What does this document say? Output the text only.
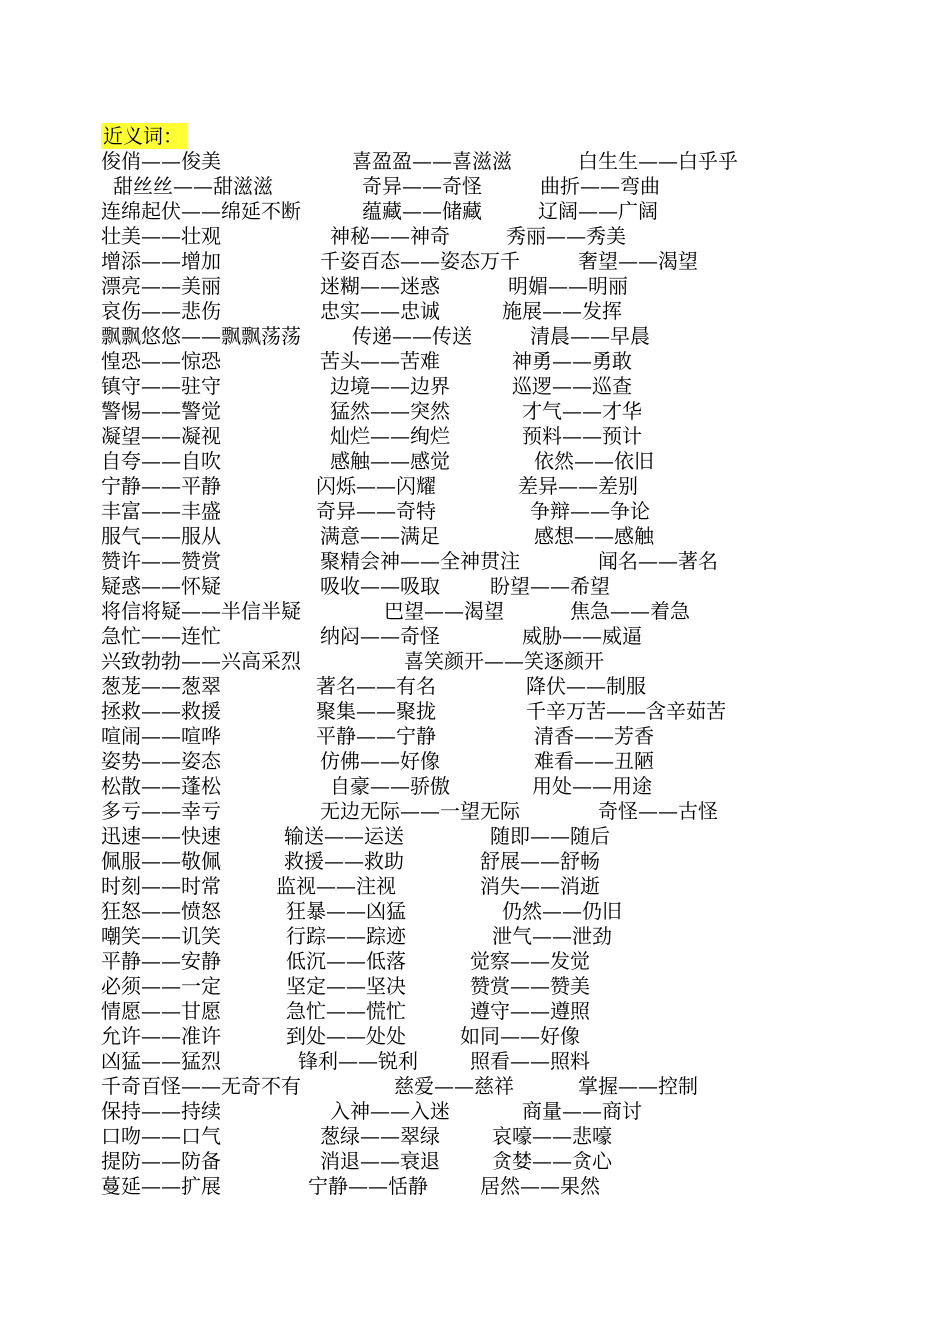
近义词：
俊俏——俊美	喜盈盈——喜滋滋	白生生——白乎乎
甜丝丝——甜滋滋	奇异——奇怪	曲折——弯曲
连绵起伏——绵延不断	蕴藏——储藏	辽阔——广阔
壮美——壮观	神秘——神奇	秀丽——秀美
增添——增加	千姿百态——姿态万千	奢望——渴望
漂亮——美丽	迷糊——迷惑	明媚——明丽
哀伤——悲伤	忠实——忠诚	施展——发挥
飘飘悠悠——飘飘荡荡	传递——传送	清晨——早晨
惶恐——惊恐	苦头——苦难	神勇——勇敢
镇守——驻守	边境——边界	巡逻——巡查
警惕——警觉	猛然——突然	才气——才华
凝望——凝视	灿烂——绚烂	预料——预计
自夸——自吹	感触——感觉	依然——依旧
宁静——平静	闪烁——闪耀	差异——差别
丰富——丰盛	奇异——奇特	争辩——争论
服气——服从	满意——满足	感想——感触
赞许——赞赏	聚精会神——全神贯注	闻名——著名
疑惑——怀疑	吸收——吸取	盼望——希望
将信将疑——半信半疑	巴望——渴望	焦急——着急
急忙——连忙	纳闷——奇怪	威胁——威逼
兴致勃勃——兴高采烈	喜笑颜开——笑逐颜开
葱茏——葱翠	著名——有名	降伏——制服
拯救——救援	聚集——聚拢	千辛万苦——含辛茹苦
喧闹——喧哗	平静——宁静	清香——芳香
姿势——姿态	仿佛——好像	难看——丑陋
松散——蓬松	自豪——骄傲	用处——用途
多亏——幸亏	无边无际——一望无际	奇怪——古怪
迅速——快速	输送——运送	随即——随后
佩服——敬佩	救援——救助	舒展——舒畅
时刻——时常	监视——注视	消失——消逝
狂怒——愤怒	狂暴——凶猛	仍然——仍旧
嘲笑——讥笑	行踪——踪迹	泄气——泄劲
平静——安静	低沉——低落	觉察——发觉
必须——一定	坚定——坚决	赞赏——赞美
情愿——甘愿	急忙——慌忙	遵守——遵照
允许——准许	到处——处处	如同——好像
凶猛——猛烈	锋利——锐利	照看——照料
千奇百怪——无奇不有	慈爱——慈祥	掌握——控制
保持——持续	入神——入迷	商量——商讨
口吻——口气	葱绿——翠绿	哀嚎——悲嚎
提防——防备	消退——衰退	贪婪——贪心
蔓延——扩展	宁静——恬静	居然——果然
